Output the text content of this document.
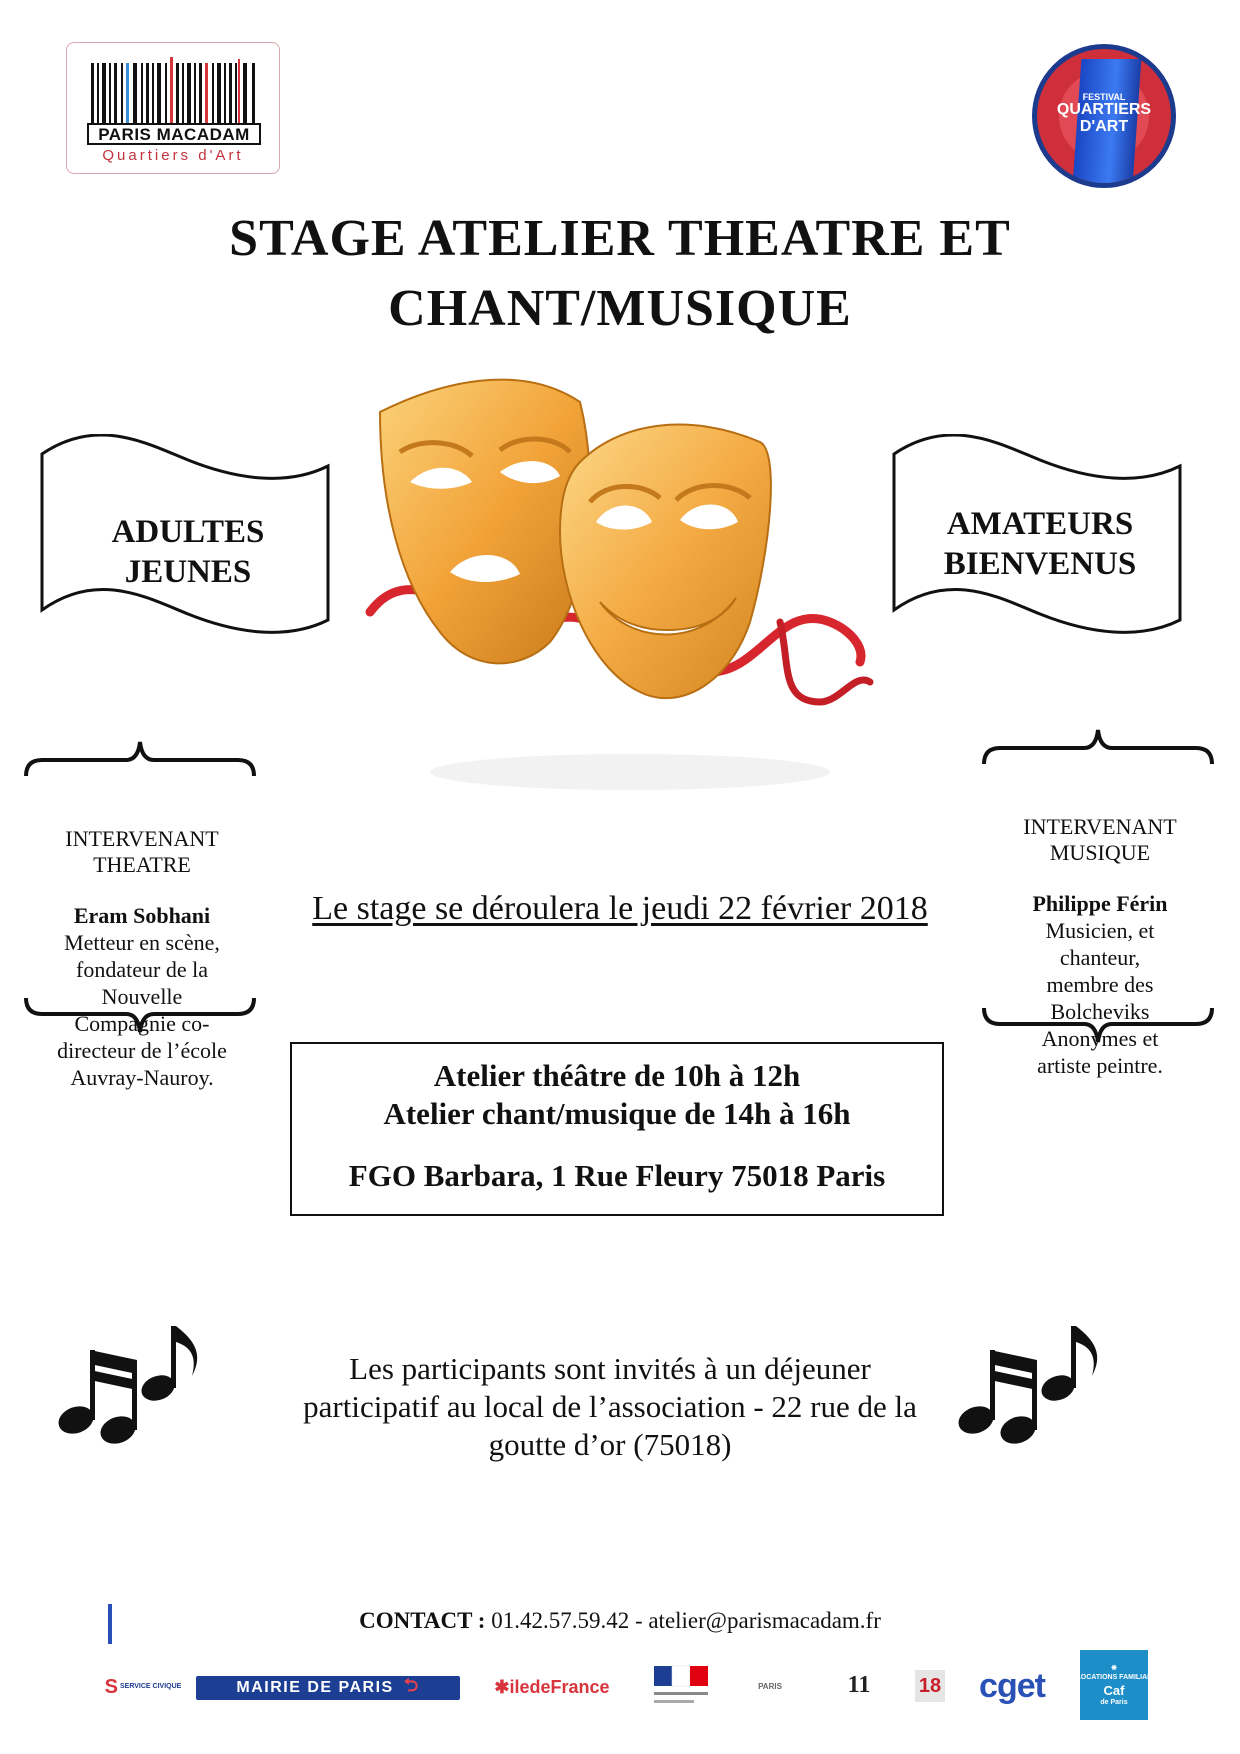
PARIS MACADAM
Quartiers d'Art
FESTIVAL
QUARTIERS
D'ART
STAGE ATELIER THEATRE ET
CHANT/MUSIQUE
ADULTES
JEUNES
AMATEURS
BIENVENUS
INTERVENANT
THEATRE
Eram Sobhani
Metteur en scène,
fondateur de la
Nouvelle
Compagnie co-
directeur de l’école
Auvray-Nauroy.
INTERVENANT
MUSIQUE
Philippe Férin
Musicien, et
chanteur,
membre des
Bolcheviks
Anonymes et
artiste peintre.
Le stage se déroulera le jeudi 22 février 2018
Atelier théâtre de 10h à 12h
Atelier chant/musique de 14h à 16h
FGO Barbara, 1 Rue Fleury 75018 Paris
Les participants sont invités à un déjeuner
participatif au local de l’association - 22 rue de la
goutte d’or (75018)
CONTACT : 01.42.57.59.42 - atelier@parismacadam.fr
S SERVICE CIVIQUE	MAIRIE DE PARIS ⮌	✱ iledeFrance	PARIS	11 18 cget	❋
ALLOCATIONS FAMILIALES
Caf
de Paris
